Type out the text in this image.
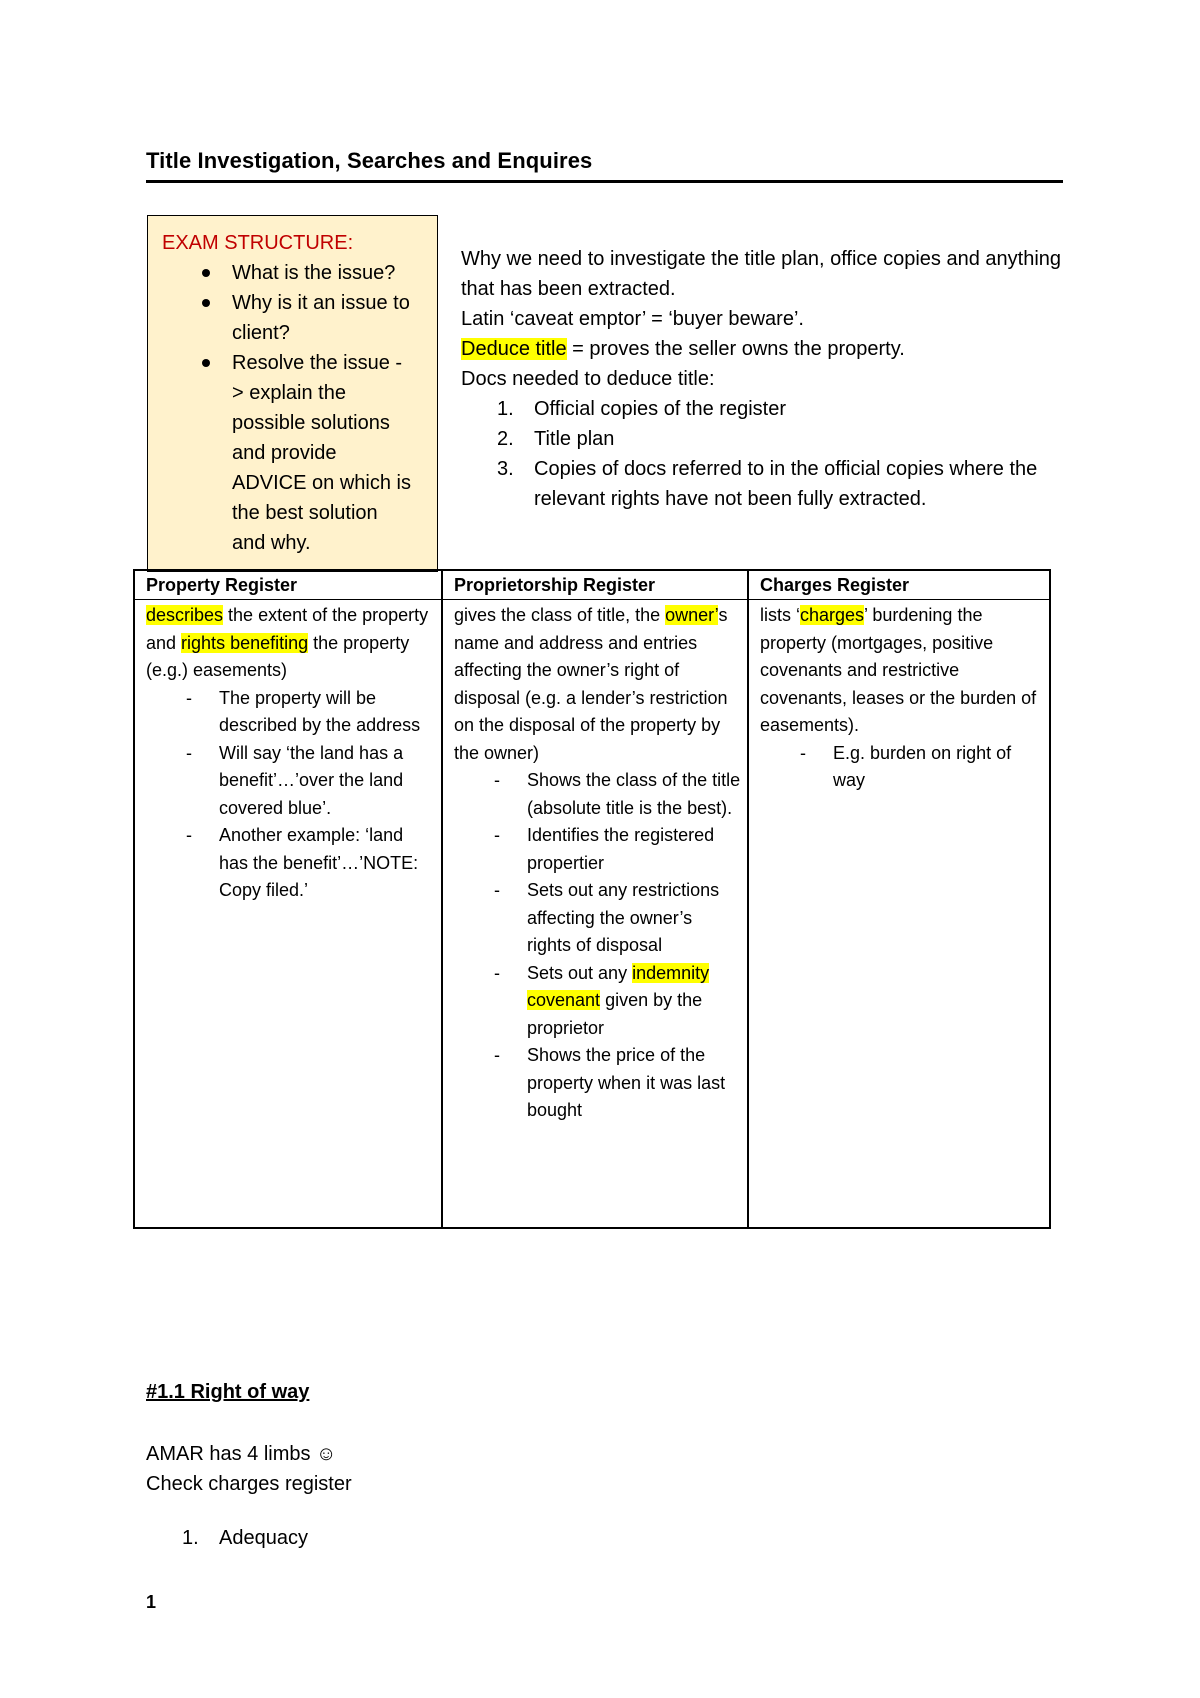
Title Investigation, Searches and Enquires
EXAM STRUCTURE:
What is the issue?
Why is it an issue to client?
Resolve the issue -> explain the possible solutions and provide ADVICE on which is the best solution and why.

Why we need to investigate the title plan, office copies and anything that has been extracted.

Latin ‘caveat emptor’ = ‘buyer beware’.

Deduce title = proves the seller owns the property.

Docs needed to deduce title:

1. Official copies of the register
2. Title plan
3. Copies of docs referred to in the official copies where the relevant rights have not been fully extracted.
Property Register

describes the extent of the property and rights benefiting the property (e.g.) easements)

- The property will be described by the address
- Will say ‘the land has a benefit’…’over the land covered blue’.
- Another example: ‘land has the benefit’…’NOTE: Copy filed.’
Proprietorship Register

gives the class of title, the owner’s name and address and entries affecting the owner’s right of disposal (e.g. a lender’s restriction on the disposal of the property by the owner)

- Shows the class of the title (absolute title is the best).
- Identifies the registered propertier
- Sets out any restrictions affecting the owner’s rights of disposal
- Sets out any indemnity covenant given by the proprietor
- Shows the price of the property when it was last bought
Charges Register

lists ‘charges’ burdening the property (mortgages, positive covenants and restrictive covenants, leases or the burden of easements).

- E.g. burden on right of way
#1.1 Right of way

AMAR has 4 limbs ☺

Check charges register

1. Adequacy
1
